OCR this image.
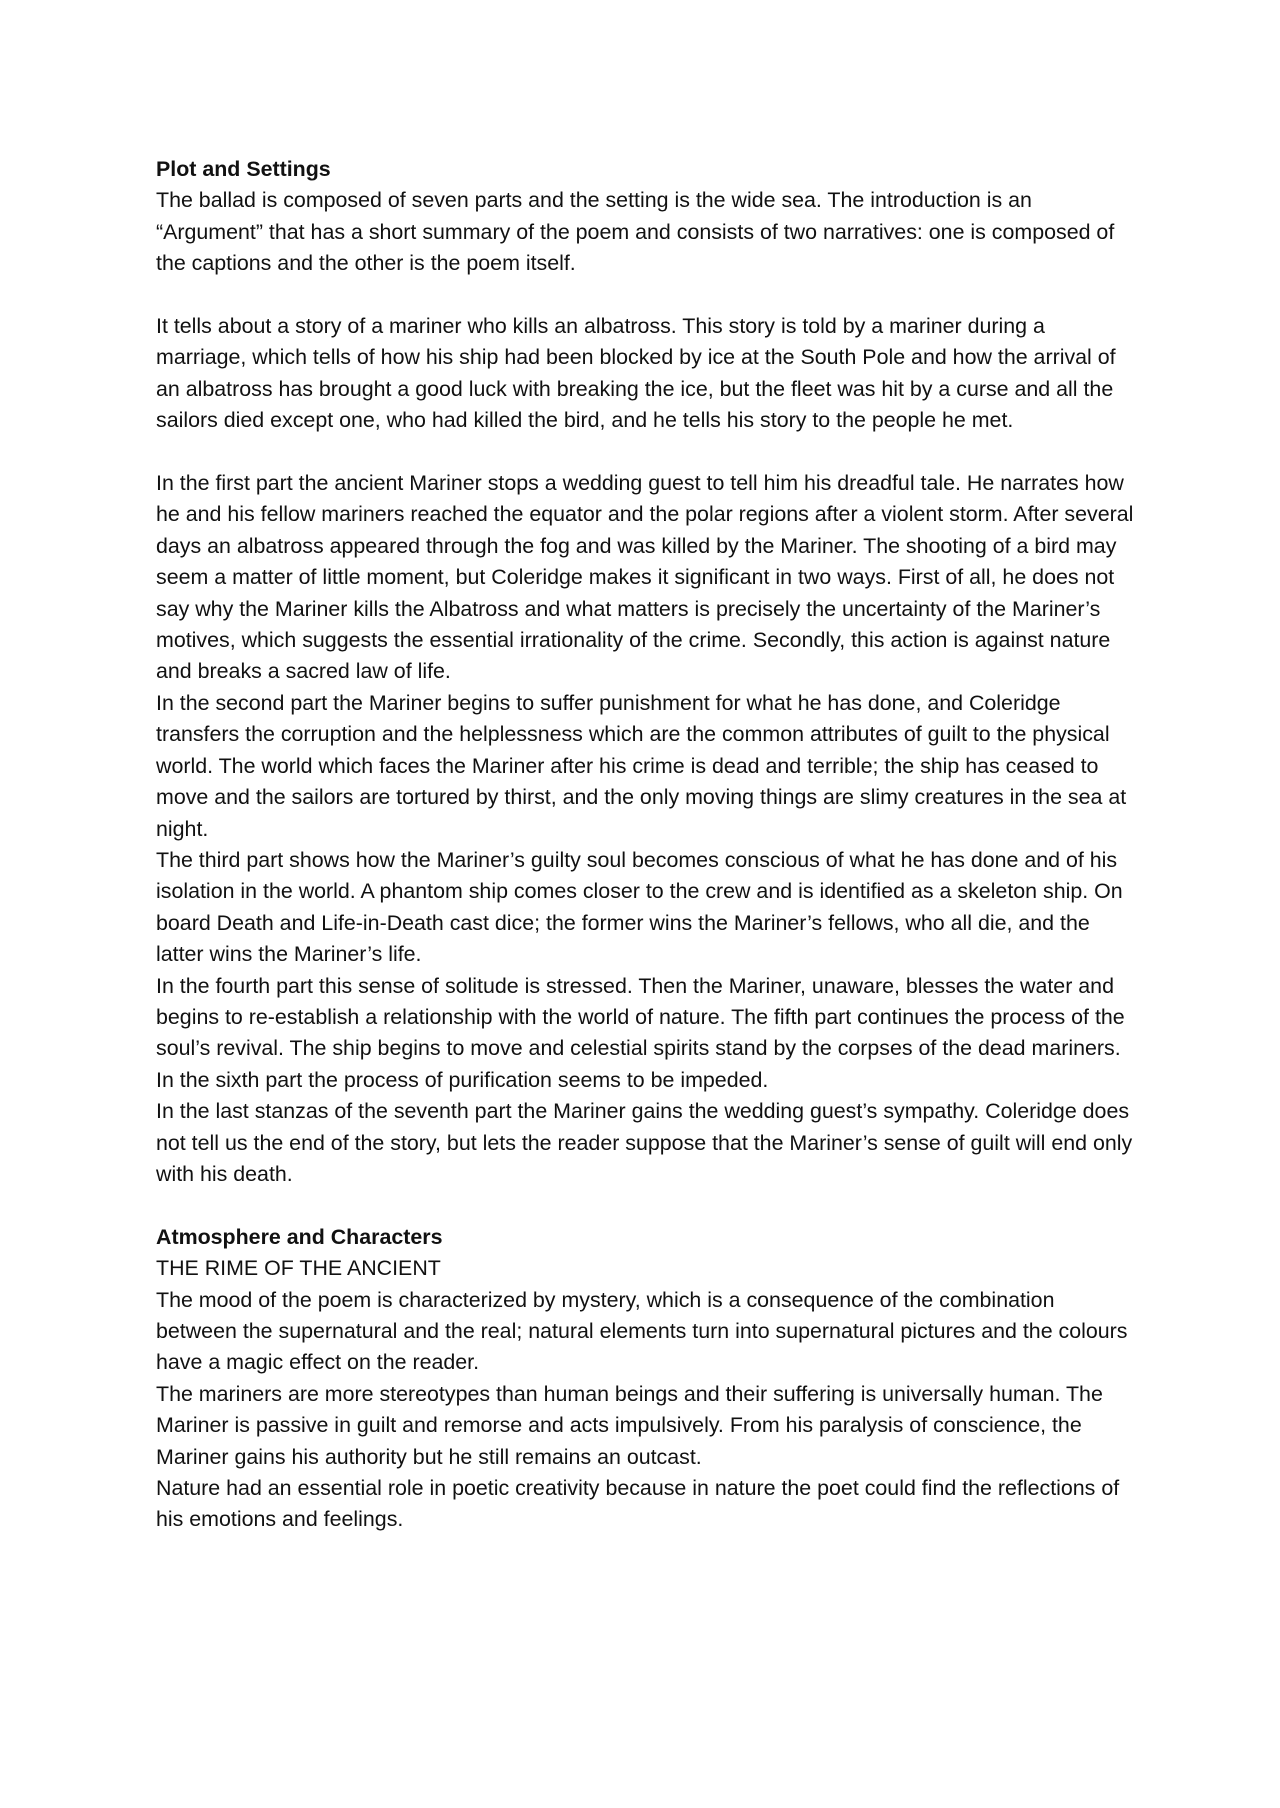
Plot and Settings

The ballad is composed of seven parts and the setting is the wide sea. The introduction is an “Argument” that has a short summary of the poem and consists of two narratives: one is composed of the captions and the other is the poem itself.

It tells about a story of a mariner who kills an albatross. This story is told by a mariner during a marriage, which tells of how his ship had been blocked by ice at the South Pole and how the arrival of an albatross has brought a good luck with breaking the ice, but the fleet was hit by a curse and all the sailors died except one, who had killed the bird, and he tells his story to the people he met.

In the first part the ancient Mariner stops a wedding guest to tell him his dreadful tale. He narrates how he and his fellow mariners reached the equator and the polar regions after a violent storm. After several days an albatross appeared through the fog and was killed by the Mariner. The shooting of a bird may seem a matter of little moment, but Coleridge makes it significant in two ways. First of all, he does not say why the Mariner kills the Albatross and what matters is precisely the uncertainty of the Mariner’s motives, which suggests the essential irrationality of the crime. Secondly, this action is against nature and breaks a sacred law of life.

In the second part the Mariner begins to suffer punishment for what he has done, and Coleridge transfers the corruption and the helplessness which are the common attributes of guilt to the physical world. The world which faces the Mariner after his crime is dead and terrible; the ship has ceased to move and the sailors are tortured by thirst, and the only moving things are slimy creatures in the sea at night.

The third part shows how the Mariner’s guilty soul becomes conscious of what he has done and of his isolation in the world. A phantom ship comes closer to the crew and is identified as a skeleton ship. On board Death and Life-in-Death cast dice; the former wins the Mariner’s fellows, who all die, and the latter wins the Mariner’s life.

In the fourth part this sense of solitude is stressed. Then the Mariner, unaware, blesses the water and begins to re-establish a relationship with the world of nature. The fifth part continues the process of the soul’s revival. The ship begins to move and celestial spirits stand by the corpses of the dead mariners.

In the sixth part the process of purification seems to be impeded.

In the last stanzas of the seventh part the Mariner gains the wedding guest’s sympathy. Coleridge does not tell us the end of the story, but lets the reader suppose that the Mariner’s sense of guilt will end only with his death.

Atmosphere and Characters

THE RIME OF THE ANCIENT

The mood of the poem is characterized by mystery, which is a consequence of the combination between the supernatural and the real; natural elements turn into supernatural pictures and the colours have a magic effect on the reader.

The mariners are more stereotypes than human beings and their suffering is universally human. The Mariner is passive in guilt and remorse and acts impulsively. From his paralysis of conscience, the Mariner gains his authority but he still remains an outcast.

Nature had an essential role in poetic creativity because in nature the poet could find the reflections of his emotions and feelings.
